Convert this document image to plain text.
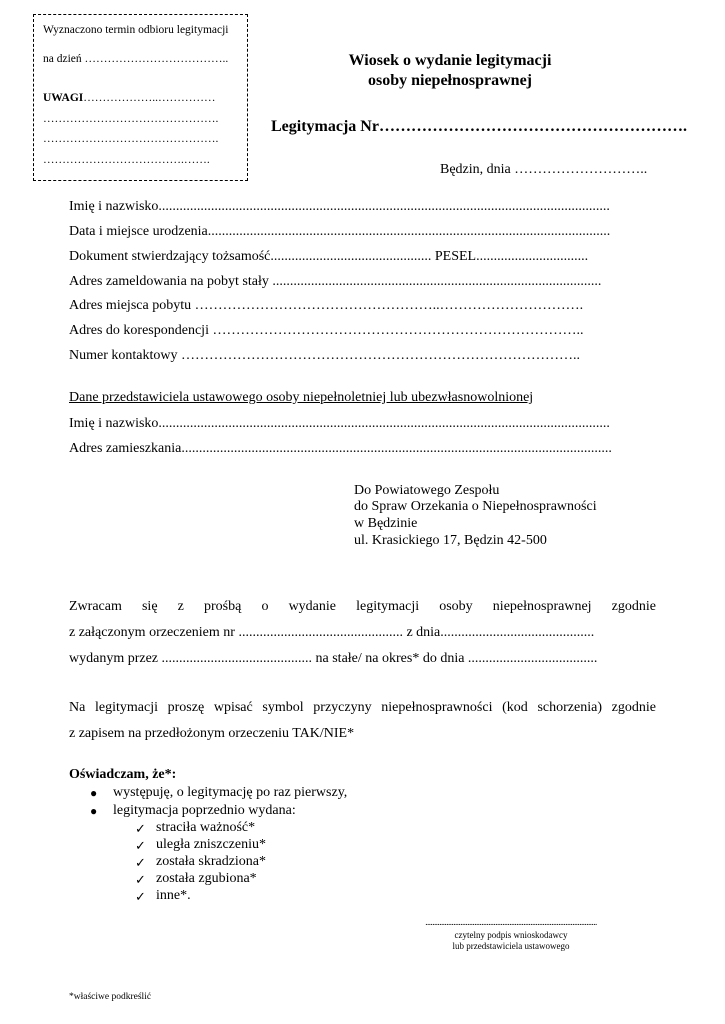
Wyznaczono termin odbioru legitymacji
na dzień ………………………………..
UWAGI………………..……………
……………………………………….
……………………………………….
……………………………….…….
Wiosek o wydanie legitymacji
osoby niepełnosprawnej
Legitymacja Nr………………………………………………….
Będzin, dnia ………………………..
Imię i nazwisko.................................................................................................................................
Data i miejsce urodzenia...................................................................................................................
Dokument stwierdzający tożsamość.............................................. PESEL................................
Adres zameldowania na pobyt stały ..............................................................................................
Adres miejsca pobytu ……………………………………………..………………………….
Adres do korespondencji ……………………………………………………………………..
Numer kontaktowy …………………………………………………………………………..
Dane przedstawiciela ustawowego osoby niepełnoletniej lub ubezwłasnowolnionej
Imię i nazwisko.................................................................................................................................
Adres zamieszkania...........................................................................................................................
Do Powiatowego Zespołu
do Spraw Orzekania o Niepełnosprawności
w Będzinie
ul. Krasickiego 17, Będzin 42-500
Zwracam się z prośbą o wydanie legitymacji osoby niepełnosprawnej zgodnie
z załączonym orzeczeniem nr ............................................... z dnia............................................
wydanym przez ........................................... na stałe/ na okres* do dnia .....................................
Na legitymacji proszę wpisać symbol przyczyny niepełnosprawności (kod schorzenia) zgodnie
z zapisem na przedłożonym orzeczeniu TAK/NIE*
Oświadczam, że*:
● występuję, o legitymację po raz pierwszy,
● legitymacja poprzednio wydana:
✓ straciła ważność*
✓ uległa zniszczeniu*
✓ została skradziona*
✓ została zgubiona*
✓ inne*.
..................................................................................................
czytelny podpis wnioskodawcy
lub przedstawiciela ustawowego
*właściwe podkreślić
